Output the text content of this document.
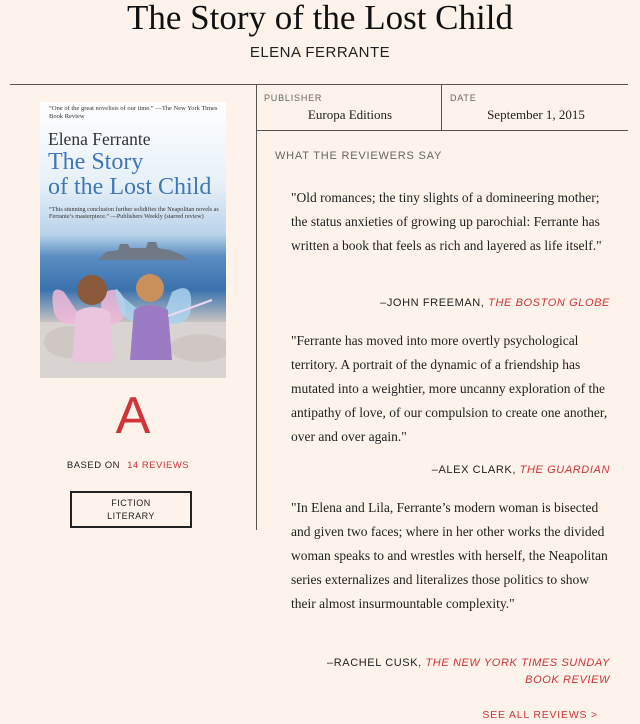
The Story of the Lost Child
ELENA FERRANTE
“One of the great novelists of our time.” —The New York Times Book Review
Elena Ferrante
The Story
of the Lost Child
“This stunning conclusion further solidifies the Neapolitan novels as Ferrante’s masterpiece.” —Publishers Weekly (starred review)
A
BASED ON 14 REVIEWS
FICTION
LITERARY
PUBLISHER
Europa Editions
DATE
September 1, 2015
WHAT THE REVIEWERS SAY
"Old romances; the tiny slights of a domineering mother; the status anxieties of growing up parochial: Ferrante has written a book that feels as rich and layered as life itself."
–JOHN FREEMAN, THE BOSTON GLOBE
"Ferrante has moved into more overtly psychological territory. A portrait of the dynamic of a friendship has mutated into a weightier, more uncanny exploration of the antipathy of love, of our compulsion to create one another, over and over again."
–ALEX CLARK, THE GUARDIAN
"In Elena and Lila, Ferrante’s modern woman is bisected and given two faces; where in her other works the divided woman speaks to and wrestles with herself, the Neapolitan series externalizes and literalizes those politics to show their almost insurmountable complexity."
–RACHEL CUSK, THE NEW YORK TIMES SUNDAY BOOK REVIEW
SEE ALL REVIEWS >
